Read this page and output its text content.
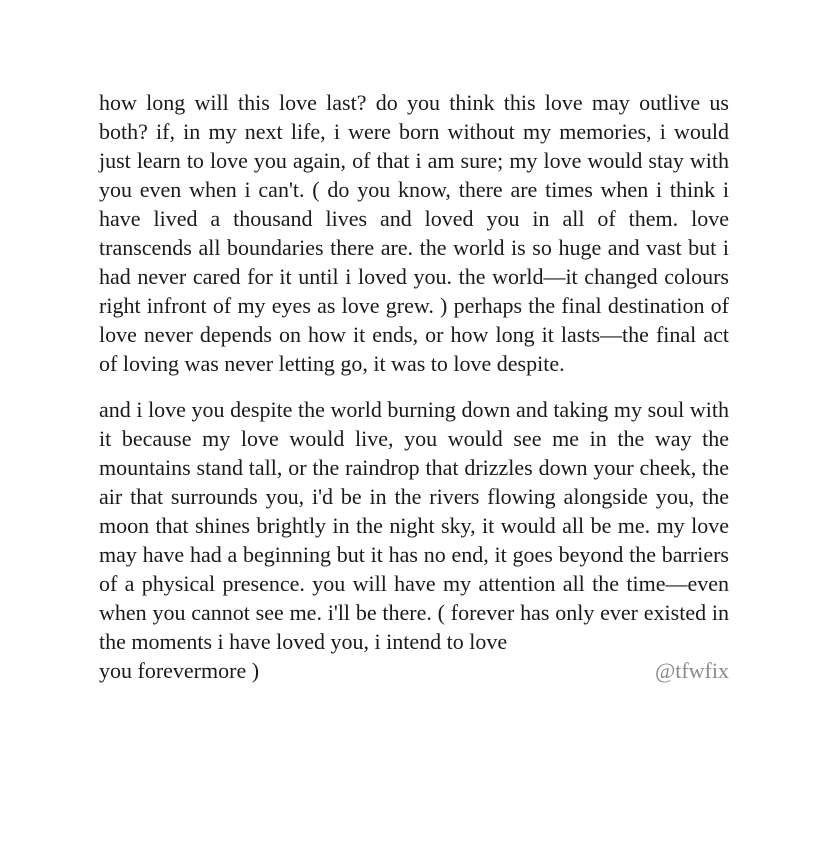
how long will this love last? do you think this love may outlive us both? if, in my next life, i were born without my memories, i would just learn to love you again, of that i am sure; my love would stay with you even when i can't. ( do you know, there are times when i think i have lived a thousand lives and loved you in all of them. love transcends all boundaries there are. the world is so huge and vast but i had never cared for it until i loved you. the world—it changed colours right infront of my eyes as love grew. ) perhaps the final destination of love never depends on how it ends, or how long it lasts—the final act of loving was never letting go, it was to love despite.

and i love you despite the world burning down and taking my soul with it because my love would live, you would see me in the way the mountains stand tall, or the raindrop that drizzles down your cheek, the air that surrounds you, i'd be in the rivers flowing alongside you, the moon that shines brightly in the night sky, it would all be me. my love may have had a beginning but it has no end, it goes beyond the barriers of a physical presence. you will have my attention all the time—even when you cannot see me. i'll be there. ( forever has only ever existed in the moments i have loved you, i intend to love
you forevermore )	@tfwfix
